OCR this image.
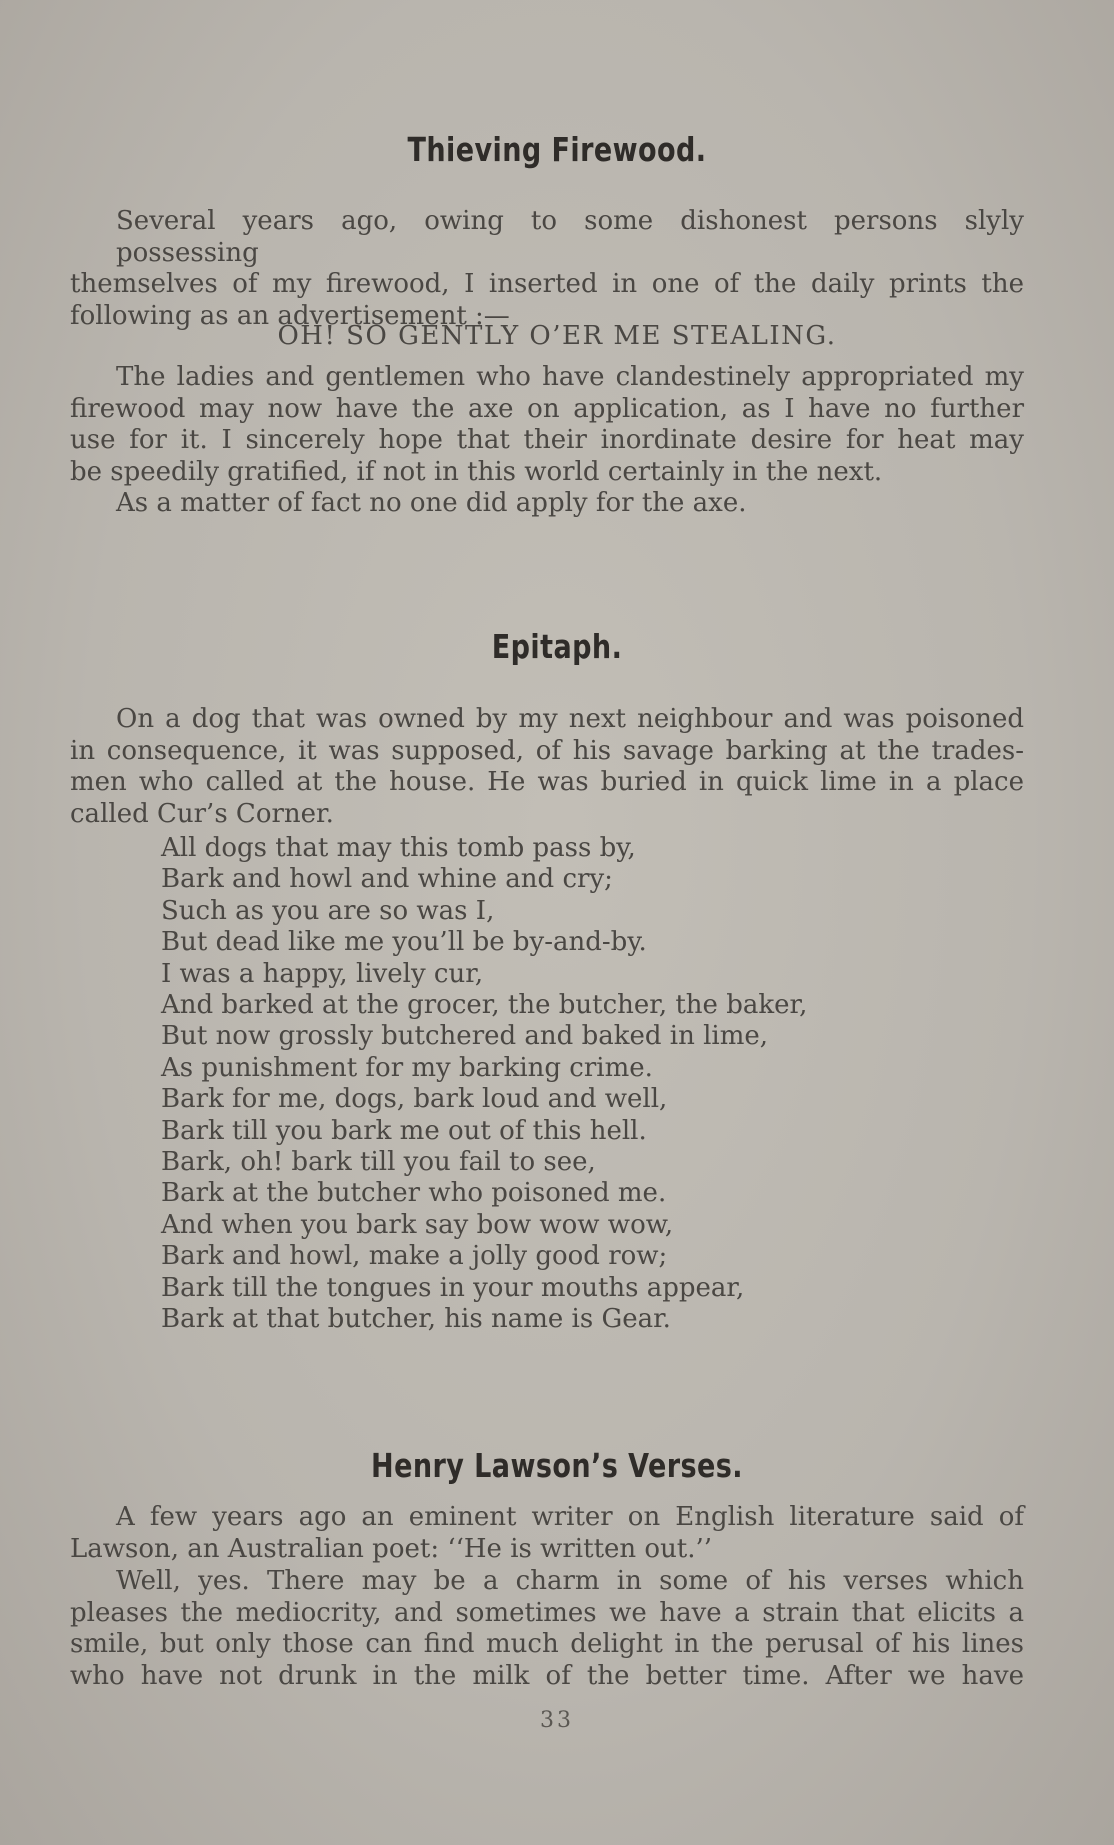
Thieving Firewood.
Several years ago, owing to some dishonest persons slyly possessing
themselves of my firewood, I inserted in one of the daily prints the
following as an advertisement :—
OH! SO GENTLY O’ER ME STEALING.
The ladies and gentlemen who have clandestinely appropriated my
firewood may now have the axe on application, as I have no further
use for it. I sincerely hope that their inordinate desire for heat may
be speedily gratified, if not in this world certainly in the next.
As a matter of fact no one did apply for the axe.
Epitaph.
On a dog that was owned by my next neighbour and was poisoned
in consequence, it was supposed, of his savage barking at the trades-
men who called at the house. He was buried in quick lime in a place
called Cur’s Corner.
All dogs that may this tomb pass by,
Bark and howl and whine and cry;
Such as you are so was I,
But dead like me you’ll be by-and-by.
I was a happy, lively cur,
And barked at the grocer, the butcher, the baker,
But now grossly butchered and baked in lime,
As punishment for my barking crime.
Bark for me, dogs, bark loud and well,
Bark till you bark me out of this hell.
Bark, oh! bark till you fail to see,
Bark at the butcher who poisoned me.
And when you bark say bow wow wow,
Bark and howl, make a jolly good row;
Bark till the tongues in your mouths appear,
Bark at that butcher, his name is Gear.
Henry Lawson’s Verses.
A few years ago an eminent writer on English literature said of
Lawson, an Australian poet: ‘‘He is written out.’’
Well, yes. There may be a charm in some of his verses which
pleases the mediocrity, and sometimes we have a strain that elicits a
smile, but only those can find much delight in the perusal of his lines
who have not drunk in the milk of the better time. After we have
33
